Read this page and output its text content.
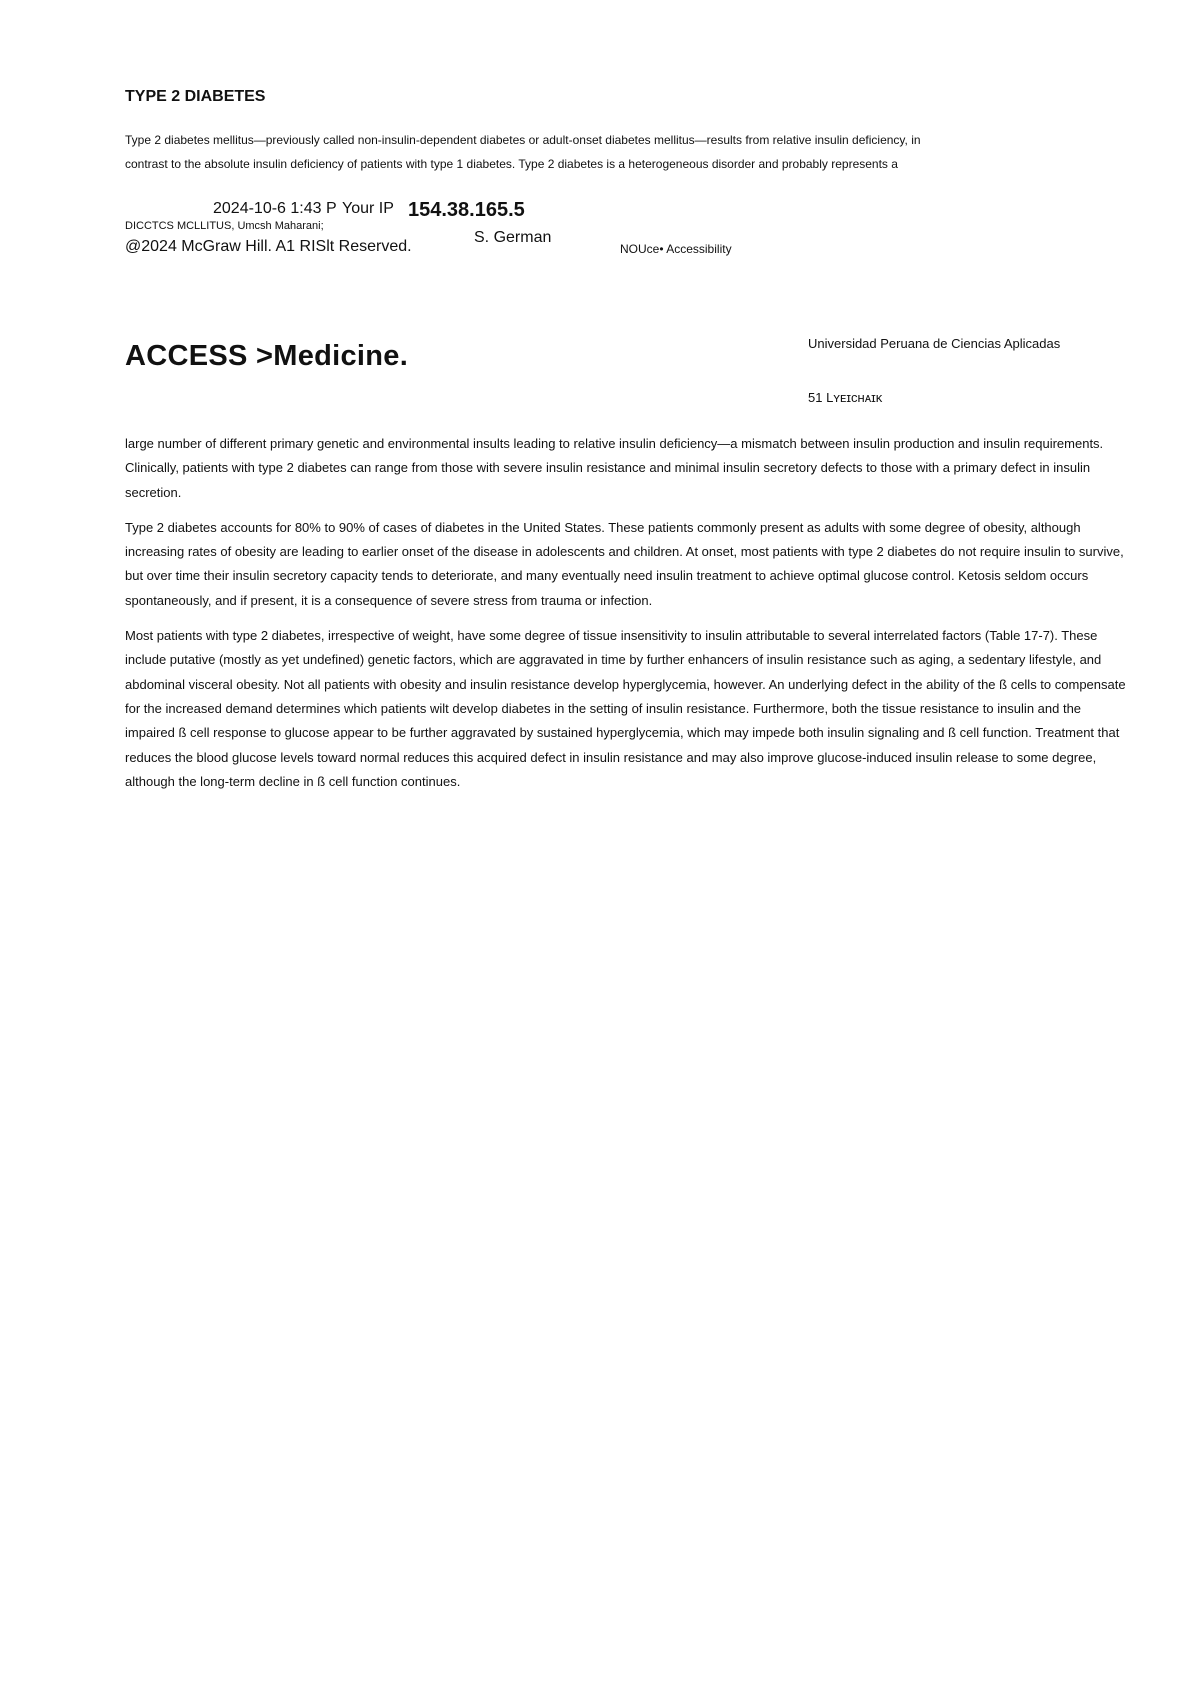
TYPE 2 DIABETES

Type 2 diabetes mellitus—previously called non-insulin-dependent diabetes or adult-onset diabetes mellitus—results from relative insulin deficiency, in

contrast to the absolute insulin deficiency of patients with type 1 diabetes. Type 2 diabetes is a heterogeneous disorder and probably represents a

2024-10-6 1:43 P Your IP 154.38.165.5
DICCTCS MCLLITUS, Umcsh Maharani;
S. German
@2024 McGraw Hill. A1 RISlt Reserved.	NOUce• Accessibility
ACCESS >Medicine.	Universidad Peruana de Ciencias Aplicadas
51 Lʏᴇɪᴄʜᴀɪᴋ

large number of different primary genetic and environmental insults leading to relative insulin deficiency—a mismatch between insulin production and insulin requirements. Clinically, patients with type 2 diabetes can range from those with severe insulin resistance and minimal insulin secretory defects to those with a primary defect in insulin secretion.

Type 2 diabetes accounts for 80% to 90% of cases of diabetes in the United States. These patients commonly present as adults with some degree of obesity, although increasing rates of obesity are leading to earlier onset of the disease in adolescents and children. At onset, most patients with type 2 diabetes do not require insulin to survive, but over time their insulin secretory capacity tends to deteriorate, and many eventually need insulin treatment to achieve optimal glucose control. Ketosis seldom occurs spontaneously, and if present, it is a consequence of severe stress from trauma or infection.

Most patients with type 2 diabetes, irrespective of weight, have some degree of tissue insensitivity to insulin attributable to several interrelated factors (Table 17-7). These include putative (mostly as yet undefined) genetic factors, which are aggravated in time by further enhancers of insulin resistance such as aging, a sedentary lifestyle, and abdominal visceral obesity. Not all patients with obesity and insulin resistance develop hyperglycemia, however. An underlying defect in the ability of the ß cells to compensate for the increased demand determines which patients wilt develop diabetes in the setting of insulin resistance. Furthermore, both the tissue resistance to insulin and the impaired ß cell response to glucose appear to be further aggravated by sustained hyperglycemia, which may impede both insulin signaling and ß cell function. Treatment that reduces the blood glucose levels toward normal reduces this acquired defect in insulin resistance and may also improve glucose-induced insulin release to some degree, although the long-term decline in ß cell function continues.
